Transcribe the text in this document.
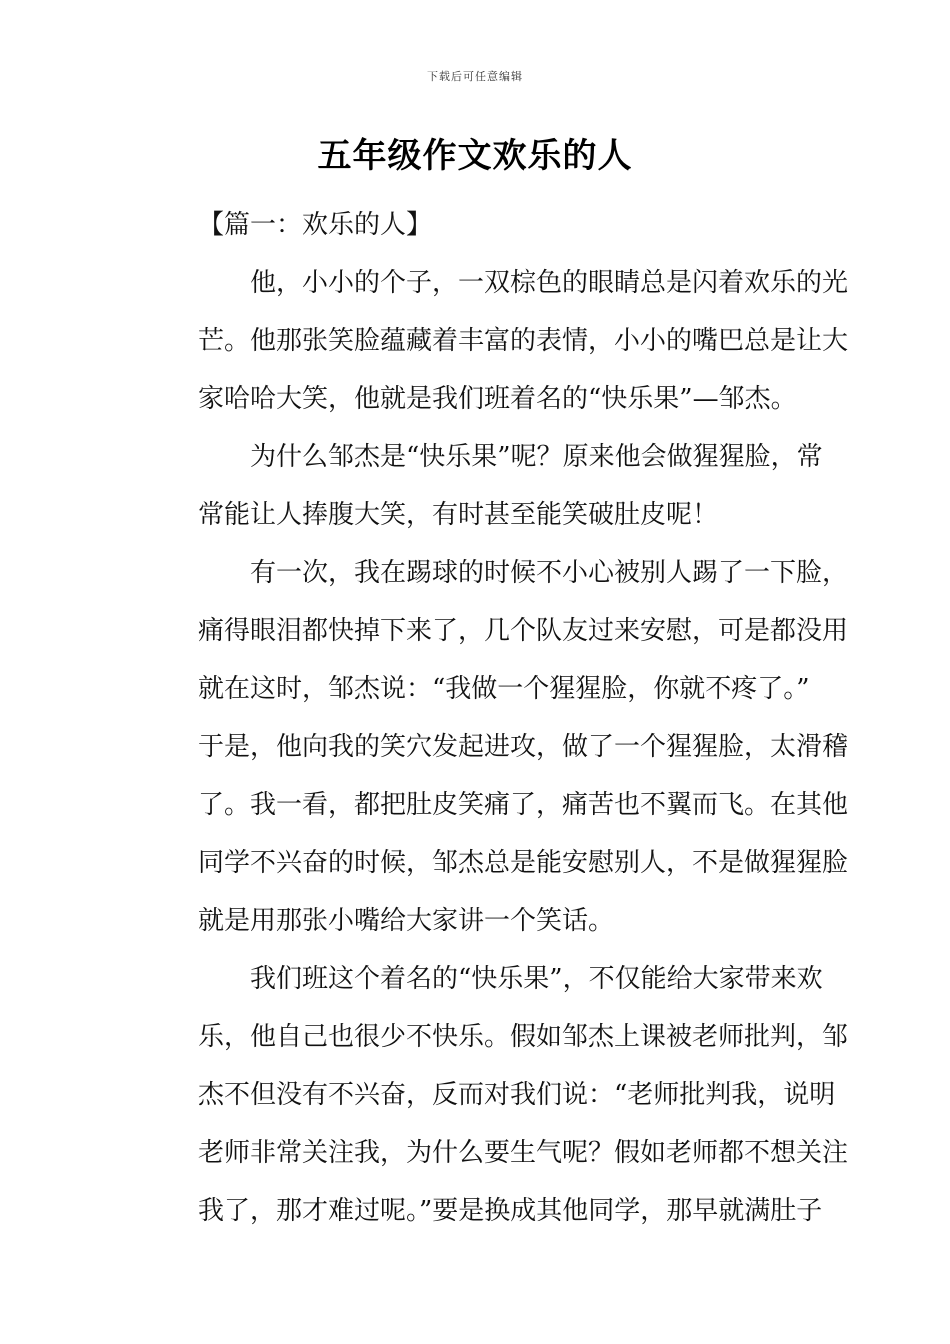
下载后可任意编辑
五年级作文欢乐的人

【篇一：欢乐的人】

他，小小的个子，一双棕色的眼睛总是闪着欢乐的光
芒。他那张笑脸蕴藏着丰富的表情，小小的嘴巴总是让大
家哈哈大笑，他就是我们班着名的“快乐果”—邹杰。
为什么邹杰是“快乐果”呢？原来他会做猩猩脸，常
常能让人捧腹大笑，有时甚至能笑破肚皮呢！
有一次，我在踢球的时候不小心被别人踢了一下脸，
痛得眼泪都快掉下来了，几个队友过来安慰，可是都没用
就在这时，邹杰说：“我做一个猩猩脸，你就不疼了。”
于是，他向我的笑穴发起进攻，做了一个猩猩脸，太滑稽
了。我一看，都把肚皮笑痛了，痛苦也不翼而飞。在其他
同学不兴奋的时候，邹杰总是能安慰别人，不是做猩猩脸
就是用那张小嘴给大家讲一个笑话。
我们班这个着名的“快乐果”，不仅能给大家带来欢
乐，他自己也很少不快乐。假如邹杰上课被老师批判，邹
杰不但没有不兴奋，反而对我们说：“老师批判我，说明
老师非常关注我，为什么要生气呢？假如老师都不想关注
我了，那才难过呢。”要是换成其他同学，那早就满肚子
